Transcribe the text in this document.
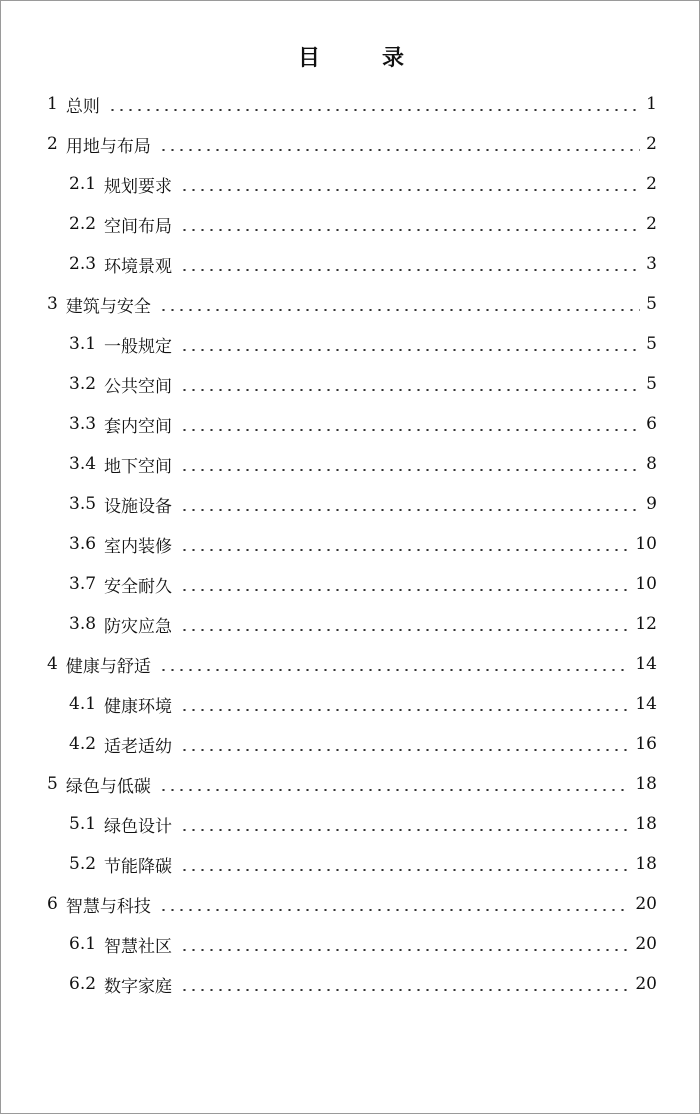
目　录
1 总则	1
2 用地与布局	2
2.1 规划要求	2
2.2 空间布局	2
2.3 环境景观	3
3 建筑与安全	5
3.1 一般规定	5
3.2 公共空间	5
3.3 套内空间	6
3.4 地下空间	8
3.5 设施设备	9
3.6 室内装修	10
3.7 安全耐久	10
3.8 防灾应急	12
4 健康与舒适	14
4.1 健康环境	14
4.2 适老适幼	16
5 绿色与低碳	18
5.1 绿色设计	18
5.2 节能降碳	18
6 智慧与科技	20
6.1 智慧社区	20
6.2 数字家庭	20
